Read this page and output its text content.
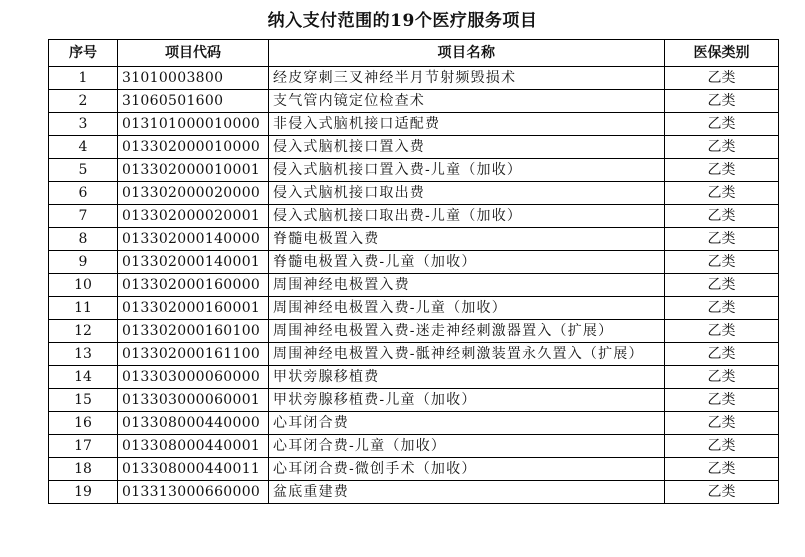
纳入支付范围的19个医疗服务项目
序号	项目代码	项目名称	医保类别
1	31010003800	经皮穿刺三叉神经半月节射频毁损术	乙类
2	31060501600	支气管内镜定位检查术	乙类
3	013101000010000	非侵入式脑机接口适配费	乙类
4	013302000010000	侵入式脑机接口置入费	乙类
5	013302000010001	侵入式脑机接口置入费-儿童（加收）	乙类
6	013302000020000	侵入式脑机接口取出费	乙类
7	013302000020001	侵入式脑机接口取出费-儿童（加收）	乙类
8	013302000140000	脊髓电极置入费	乙类
9	013302000140001	脊髓电极置入费-儿童（加收）	乙类
10	013302000160000	周围神经电极置入费	乙类
11	013302000160001	周围神经电极置入费-儿童（加收）	乙类
12	013302000160100	周围神经电极置入费-迷走神经刺激器置入（扩展）	乙类
13	013302000161100	周围神经电极置入费-骶神经刺激装置永久置入（扩展）	乙类
14	013303000060000	甲状旁腺移植费	乙类
15	013303000060001	甲状旁腺移植费-儿童（加收）	乙类
16	013308000440000	心耳闭合费	乙类
17	013308000440001	心耳闭合费-儿童（加收）	乙类
18	013308000440011	心耳闭合费-微创手术（加收）	乙类
19	013313000660000	盆底重建费	乙类
